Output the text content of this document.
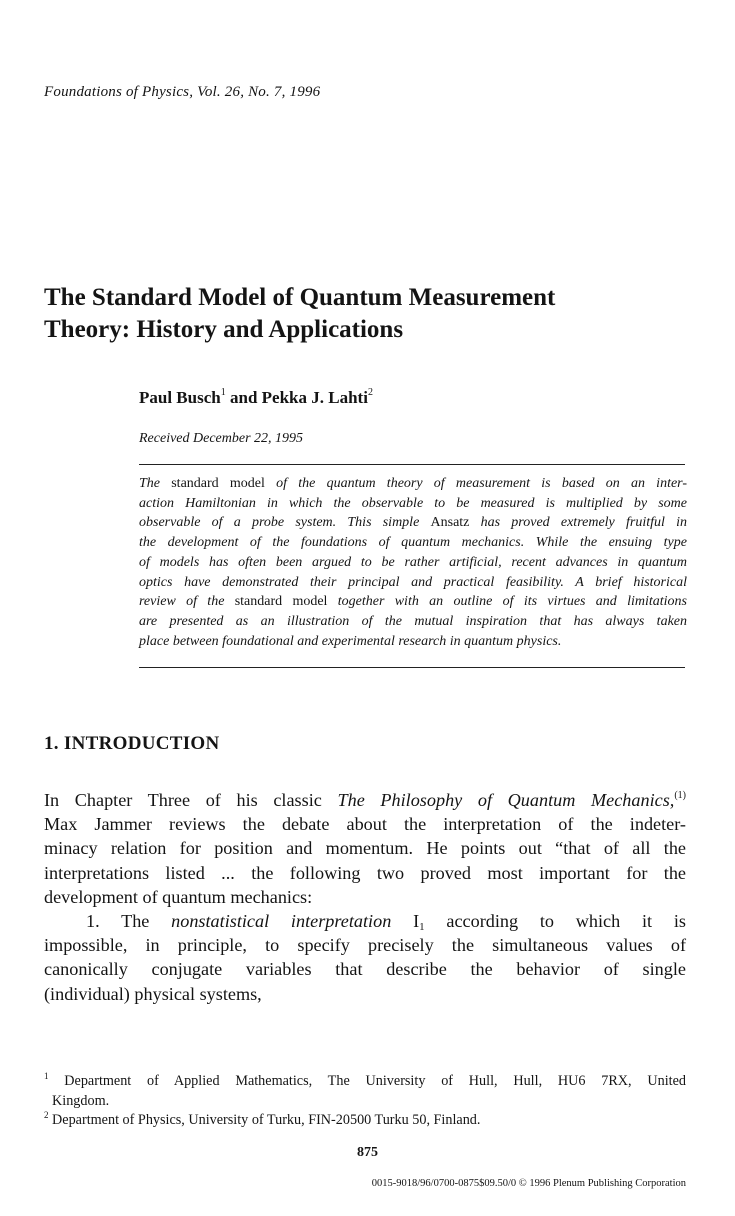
Foundations of Physics, Vol. 26, No. 7, 1996
The Standard Model of Quantum Measurement
Theory: History and Applications
Paul Busch$^1$ and Pekka J. Lahti$^2$
Received December 22, 1995
The standard model of the quantum theory of measurement is based on an inter-
action Hamiltonian in which the observable to be measured is multiplied by some
observable of a probe system. This simple Ansatz has proved extremely fruitful in
the development of the foundations of quantum mechanics. While the ensuing type
of models has often been argued to be rather artificial, recent advances in quantum
optics have demonstrated their principal and practical feasibility. A brief historical
review of the standard model together with an outline of its virtues and limitations
are presented as an illustration of the mutual inspiration that has always taken
place between foundational and experimental research in quantum physics.
1. INTRODUCTION
In Chapter Three of his classic The Philosophy of Quantum Mechanics,$^{(1)}$
Max Jammer reviews the debate about the interpretation of the indeter-
minacy relation for position and momentum. He points out “that of all the
interpretations listed ... the following two proved most important for the
development of quantum mechanics:
1. The nonstatistical interpretation $I_1$ according to which it is
impossible, in principle, to specify precisely the simultaneous values of
canonically conjugate variables that describe the behavior of single
(individual) physical systems,
$^1$ Department of Applied Mathematics, The University of Hull, Hull, HU6 7RX, United
Kingdom.
$^2$ Department of Physics, University of Turku, FIN-20500 Turku 50, Finland.
875
0015-9018/96/0700-0875$09.50/0 © 1996 Plenum Publishing Corporation
